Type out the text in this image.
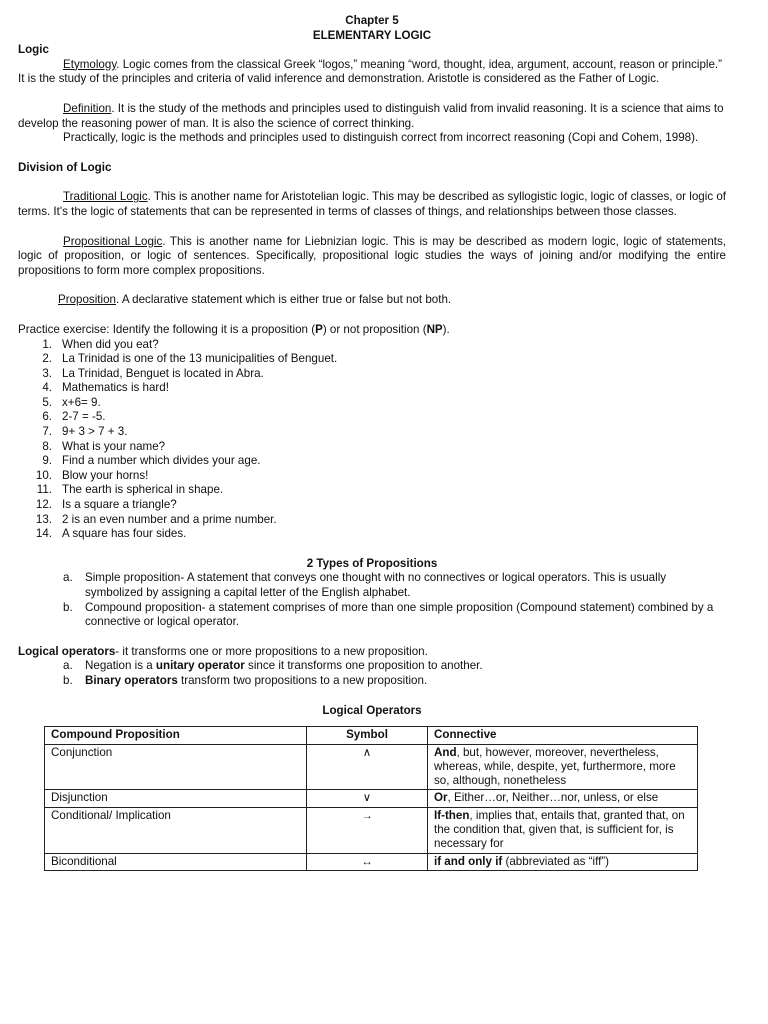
Chapter 5

ELEMENTARY LOGIC

Logic

Etymology. Logic comes from the classical Greek “logos,” meaning “word, thought, idea, argument, account, reason or principle.” It is the study of the principles and criteria of valid inference and demonstration. Aristotle is considered as the Father of Logic.

Definition. It is the study of the methods and principles used to distinguish valid from invalid reasoning. It is a science that aims to develop the reasoning power of man. It is also the science of correct thinking.

Practically, logic is the methods and principles used to distinguish correct from incorrect reasoning (Copi and Cohem, 1998).

Division of Logic

Traditional Logic. This is another name for Aristotelian logic. This may be described as syllogistic logic, logic of classes, or logic of terms. It's the logic of statements that can be represented in terms of classes of things, and relationships between those classes.

Propositional Logic. This is another name for Liebnizian logic. This is may be described as modern logic, logic of statements, logic of proposition, or logic of sentences. Specifically, propositional logic studies the ways of joining and/or modifying the entire propositions to form more complex propositions.

Proposition. A declarative statement which is either true or false but not both.

Practice exercise: Identify the following it is a proposition (P) or not proposition (NP).

1. When did you eat?
2. La Trinidad is one of the 13 municipalities of Benguet.
3. La Trinidad, Benguet is located in Abra.
4. Mathematics is hard!
5. x+6= 9.
6. 2-7 = -5.
7. 9+ 3 > 7 + 3.
8. What is your name?
9. Find a number which divides your age.
10. Blow your horns!
11. The earth is spherical in shape.
12. Is a square a triangle?
13. 2 is an even number and a prime number.
14. A square has four sides.

2 Types of Propositions

a. Simple proposition- A statement that conveys one thought with no connectives or logical operators. This is usually symbolized by assigning a capital letter of the English alphabet.
b. Compound proposition- a statement comprises of more than one simple proposition (Compound statement) combined by a connective or logical operator.

Logical operators- it transforms one or more propositions to a new proposition.

a. Negation is a unitary operator since it transforms one proposition to another.
b. Binary operators transform two propositions to a new proposition.

Logical Operators

Compound Proposition	Symbol	Connective
Conjunction	∧	And, but, however, moreover, nevertheless, whereas, while, despite, yet, furthermore, more so, although, nonetheless
Disjunction	∨	Or, Either…or, Neither…nor, unless, or else
Conditional/ Implication	→	If-then, implies that, entails that, granted that, on the condition that, given that, is sufficient for, is necessary for
Biconditional	↔	if and only if (abbreviated as “iff”)
